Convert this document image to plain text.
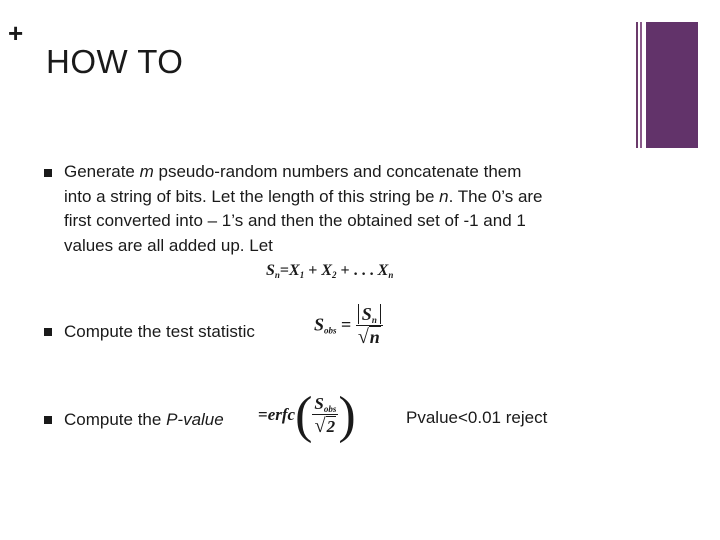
+
HOW TO
Generate m pseudo-random numbers and concatenate them
into a string of bits. Let the length of this string be n. The 0’s are
first converted into – 1’s and then the obtained set of -1 and 1
values are all added up. Let
$S_n=X_1 + X_2$ + . . . $X_n$
Compute the test statistic	$S_{obs} = \frac{S_n}{√n}$
Compute the P-value =erfc( $\frac{S_{obs}}{√2}$ )	Pvalue<0.01 reject
